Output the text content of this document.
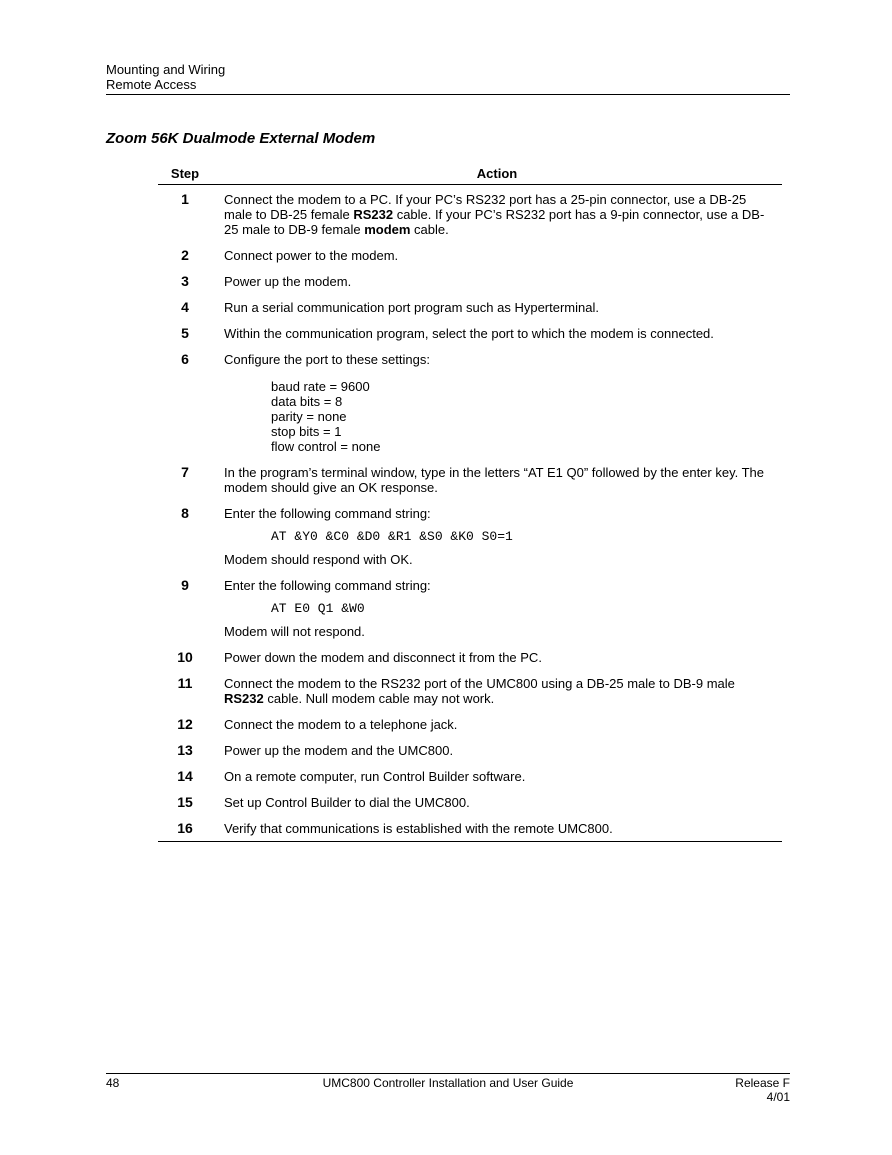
Mounting and Wiring
Remote Access
Zoom 56K Dualmode External Modem
Step	Action
1	Connect the modem to a PC. If your PC’s RS232 port has a 25-pin connector, use a DB-25 male to DB-25 female RS232 cable. If your PC’s RS232 port has a 9-pin connector, use a DB-25 male to DB-9 female modem cable.

2	Connect power to the modem.
3	Power up the modem.
4	Run a serial communication port program such as Hyperterminal.
5	Within the communication program, select the port to which the modem is connected.
6	Configure the port to these settings:

baud rate = 9600
data bits = 8
parity = none
stop bits = 1
flow control = none
7	In the program’s terminal window, type in the letters “AT E1 Q0” followed by the enter key. The modem should give an OK response.
8	Enter the following command string:

AT &Y0 &C0 &D0 &R1 &S0 &K0 S0=1

Modem should respond with OK.

9	Enter the following command string:

AT E0 Q1 &W0

Modem will not respond.

10	Power down the modem and disconnect it from the PC.
11	Connect the modem to the RS232 port of the UMC800 using a DB-25 male to DB-9 male RS232 cable. Null modem cable may not work.

12	Connect the modem to a telephone jack.
13	Power up the modem and the UMC800.
14	On a remote computer, run Control Builder software.
15	Set up Control Builder to dial the UMC800.
16	Verify that communications is established with the remote UMC800.
48	UMC800 Controller Installation and User Guide	Release F
4/01
